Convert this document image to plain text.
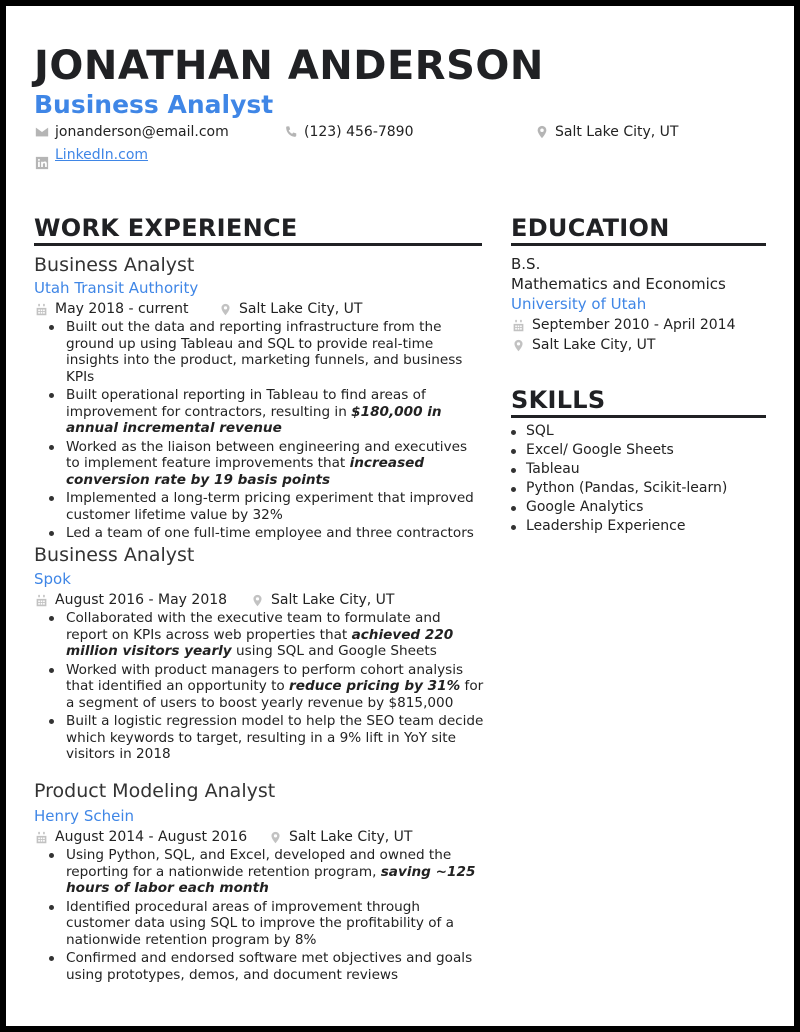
JONATHAN ANDERSON
Business Analyst
jonanderson@email.com	(123) 456-7890	Salt Lake City, UT
LinkedIn.com
WORK EXPERIENCE
Business Analyst
Utah Transit Authority
May 2018 - current	Salt Lake City, UT
Built out the data and reporting infrastructure from the ground up using Tableau and SQL to provide real-time insights into the product, marketing funnels, and business KPIs
Built operational reporting in Tableau to find areas of improvement for contractors, resulting in $180,000 in annual incremental revenue
Worked as the liaison between engineering and executives to implement feature improvements that increased conversion rate by 19 basis points
Implemented a long-term pricing experiment that improved customer lifetime value by 32%
Led a team of one full-time employee and three contractors
Business Analyst
Spok
August 2016 - May 2018	Salt Lake City, UT
Collaborated with the executive team to formulate and report on KPIs across web properties that achieved 220 million visitors yearly using SQL and Google Sheets
Worked with product managers to perform cohort analysis that identified an opportunity to reduce pricing by 31% for a segment of users to boost yearly revenue by $815,000
Built a logistic regression model to help the SEO team decide which keywords to target, resulting in a 9% lift in YoY site visitors in 2018
Product Modeling Analyst
Henry Schein
August 2014 - August 2016	Salt Lake City, UT
Using Python, SQL, and Excel, developed and owned the reporting for a nationwide retention program, saving ~125 hours of labor each month
Identified procedural areas of improvement through customer data using SQL to improve the profitability of a nationwide retention program by 8%
Confirmed and endorsed software met objectives and goals using prototypes, demos, and document reviews
EDUCATION
B.S.
Mathematics and Economics
University of Utah
September 2010 - April 2014
Salt Lake City, UT
SKILLS
SQL
Excel/ Google Sheets
Tableau
Python (Pandas, Scikit-learn)
Google Analytics
Leadership Experience
